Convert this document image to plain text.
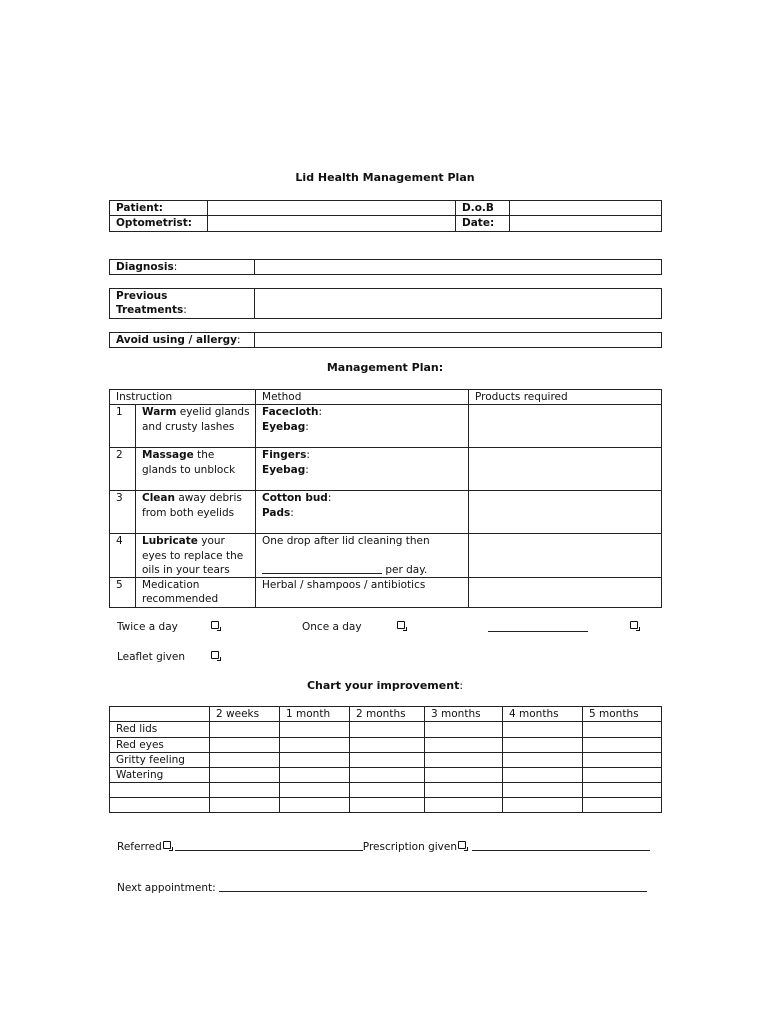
Lid Health Management Plan
Patient:		D.o.B	
Optometrist:		Date:	
Diagnosis:	
Previous
Treatments:	
Avoid using / allergy:	
Management Plan:
Instruction		Method	Products required
1	Warm eyelid glands and crusty lashes	Facecloth:
Eyebag:	
2	Massage the glands to unblock	Fingers:
Eyebag:	
3	Clean away debris from both eyelids	Cotton bud:
Pads:	
4	Lubricate your eyes to replace the oils in your tears	One drop after lid cleaning then

per day.	
5	Medication recommended	Herbal / shampoos / antibiotics	
Twice a day	Once a day
Leaflet given
Chart your improvement:
	2 weeks	1 month	2 months	3 months	4 months	5 months
Red lids						
Red eyes						
Gritty feeling						
Watering						

Referred	Prescription given
Next appointment:
